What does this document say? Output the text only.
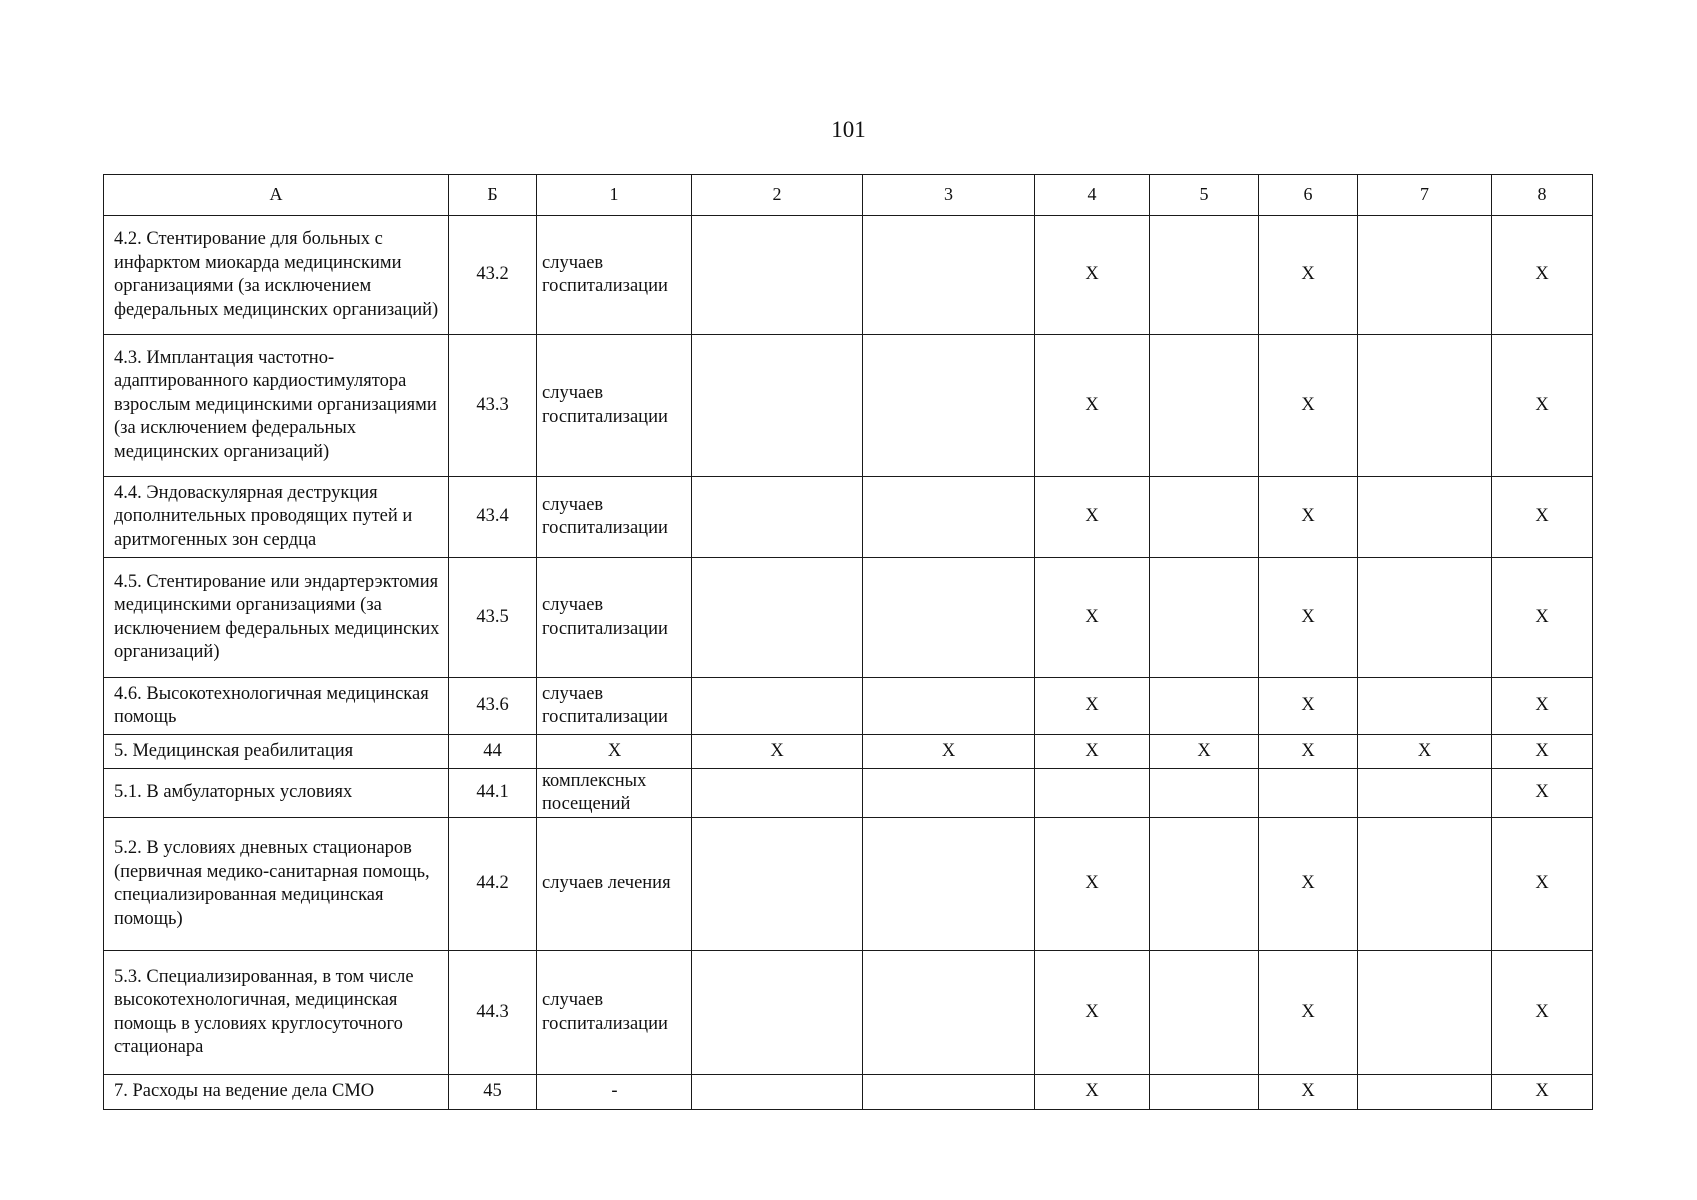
101
А	Б	1	2	3	4	5	6	7	8
4.2. Стентирование для больных с инфарктом миокарда медицинскими организациями (за исключением федеральных медицинских организаций)	43.2	случаев госпитализации			Х		Х		Х
4.3. Имплантация частотно-адаптированного кардиостимулятора взрослым медицинскими организациями (за исключением федеральных медицинских организаций)	43.3	случаев госпитализации			Х		Х		Х
4.4. Эндоваскулярная деструкция дополнительных проводящих путей и аритмогенных зон сердца	43.4	случаев госпитализации			Х		Х		Х
4.5. Стентирование или эндартерэктомия медицинскими организациями (за исключением федеральных медицинских организаций)	43.5	случаев госпитализации			Х		Х		Х
4.6. Высокотехнологичная медицинская помощь	43.6	случаев госпитализации			Х		Х		Х
5. Медицинская реабилитация	44	Х	Х	Х	Х	Х	Х	Х	Х
5.1. В амбулаторных условиях	44.1	комплексных посещений							Х
5.2. В условиях дневных стационаров (первичная медико-санитарная помощь, специализированная медицинская помощь)	44.2	случаев лечения			Х		Х		Х
5.3. Специализированная, в том числе высокотехнологичная, медицинская помощь в условиях круглосуточного стационара	44.3	случаев госпитализации			Х		Х		Х
7. Расходы на ведение дела СМО	45	-			Х		Х		Х
